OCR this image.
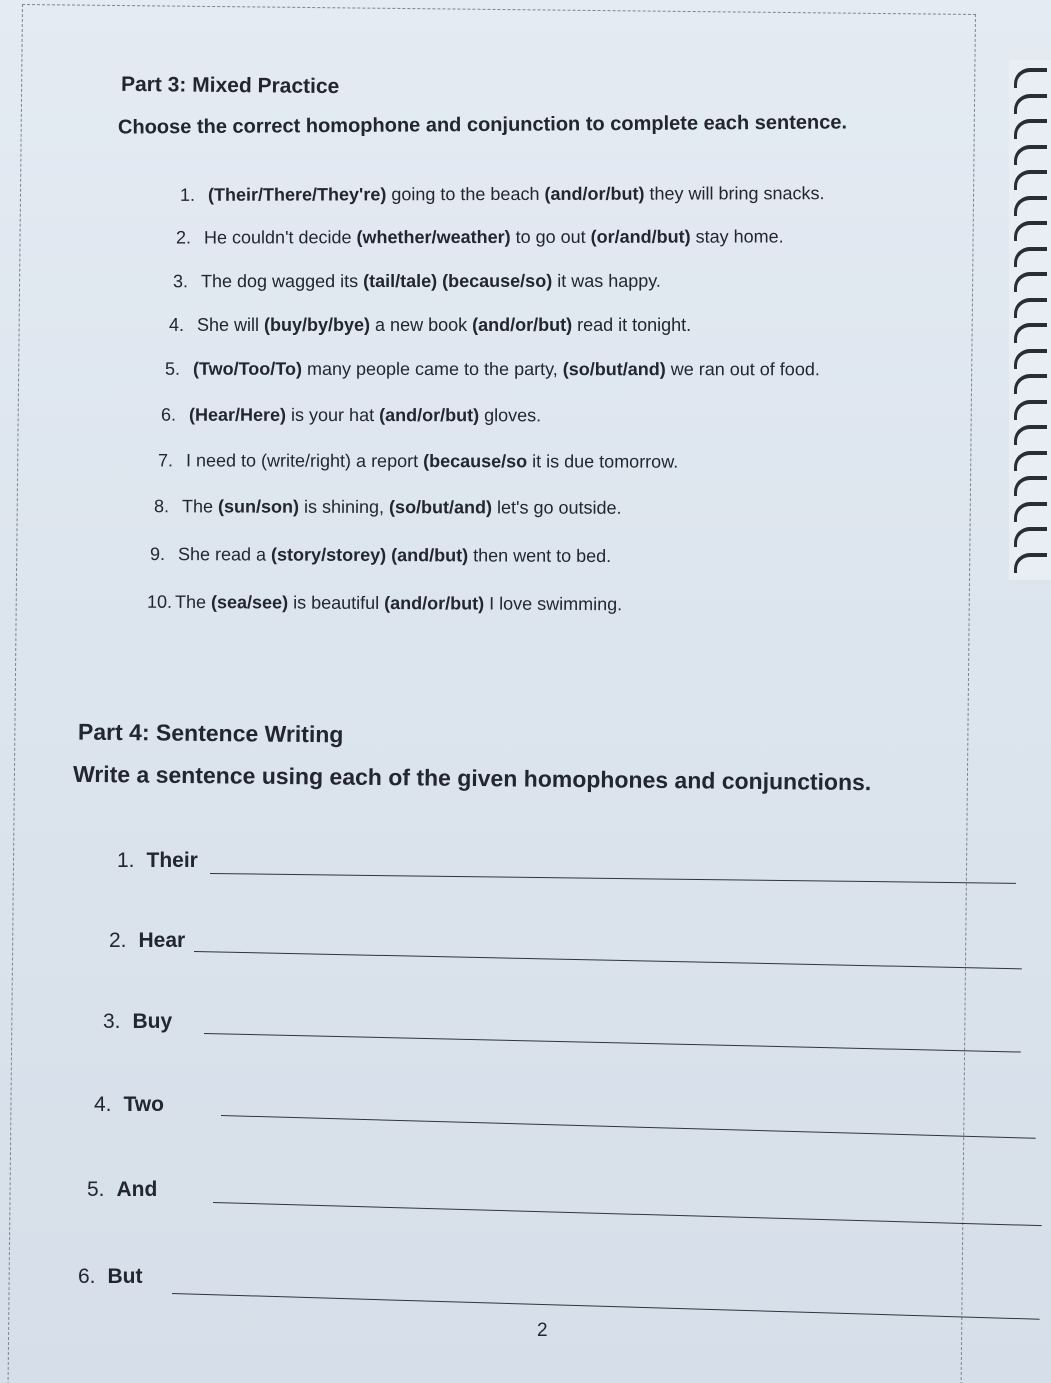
Part 3: Mixed Practice
Choose the correct homophone and conjunction to complete each sentence.
1. (Their/There/They're) going to the beach (and/or/but) they will bring snacks.
2. He couldn't decide (whether/weather) to go out (or/and/but) stay home.
3. The dog wagged its (tail/tale) (because/so) it was happy.
4. She will (buy/by/bye) a new book (and/or/but) read it tonight.
5. (Two/Too/To) many people came to the party, (so/but/and) we ran out of food.
6. (Hear/Here) is your hat (and/or/but) gloves.
7. I need to (write/right) a report (because/so it is due tomorrow.
8. The (sun/son) is shining, (so/but/and) let's go outside.
9. She read a (story/storey) (and/but) then went to bed.
10. The (sea/see) is beautiful (and/or/but) I love swimming.
Part 4: Sentence Writing
Write a sentence using each of the given homophones and conjunctions.
1. Their
2. Hear
3. Buy
4. Two
5. And
6. But
2
